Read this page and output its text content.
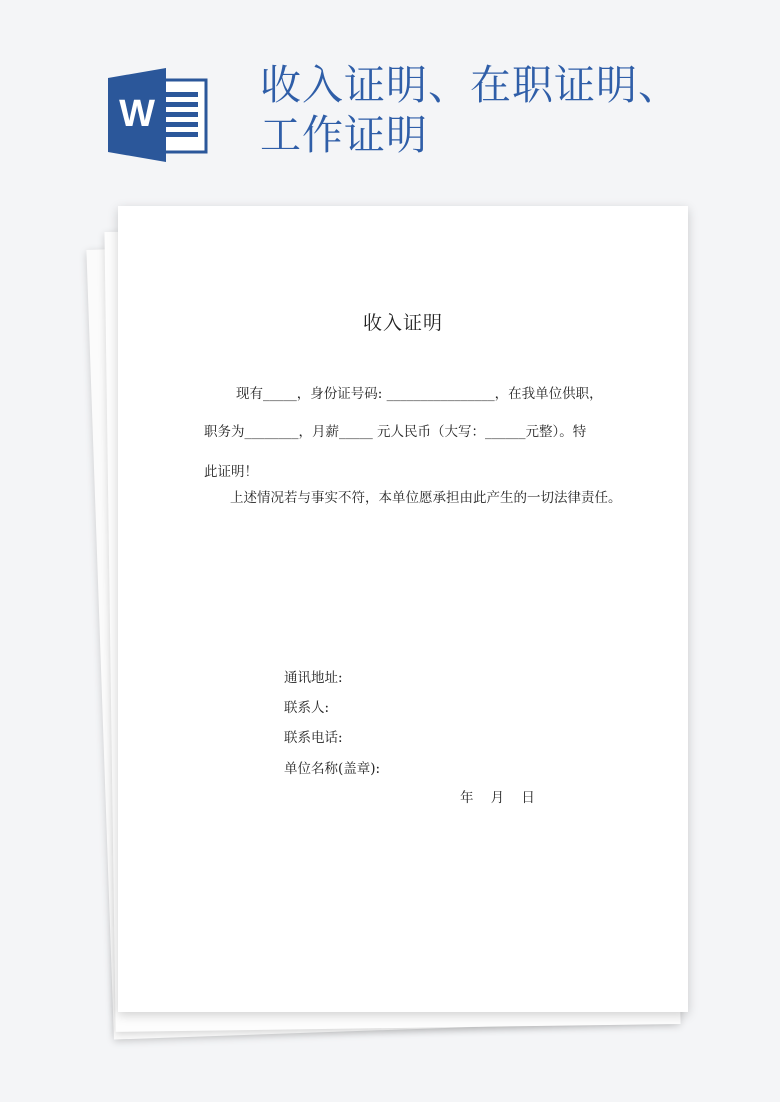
W
收入证明、在职证明、
工作证明
收入证明

现有_____，身份证号码: ________________，在我单位供职，

职务为________，月薪_____ 元人民币（大写：______元整）。特

此证明！

上述情况若与事实不符，本单位愿承担由此产生的一切法律责任。

通讯地址:

联系人:

联系电话:

单位名称(盖章):

年    月    日
